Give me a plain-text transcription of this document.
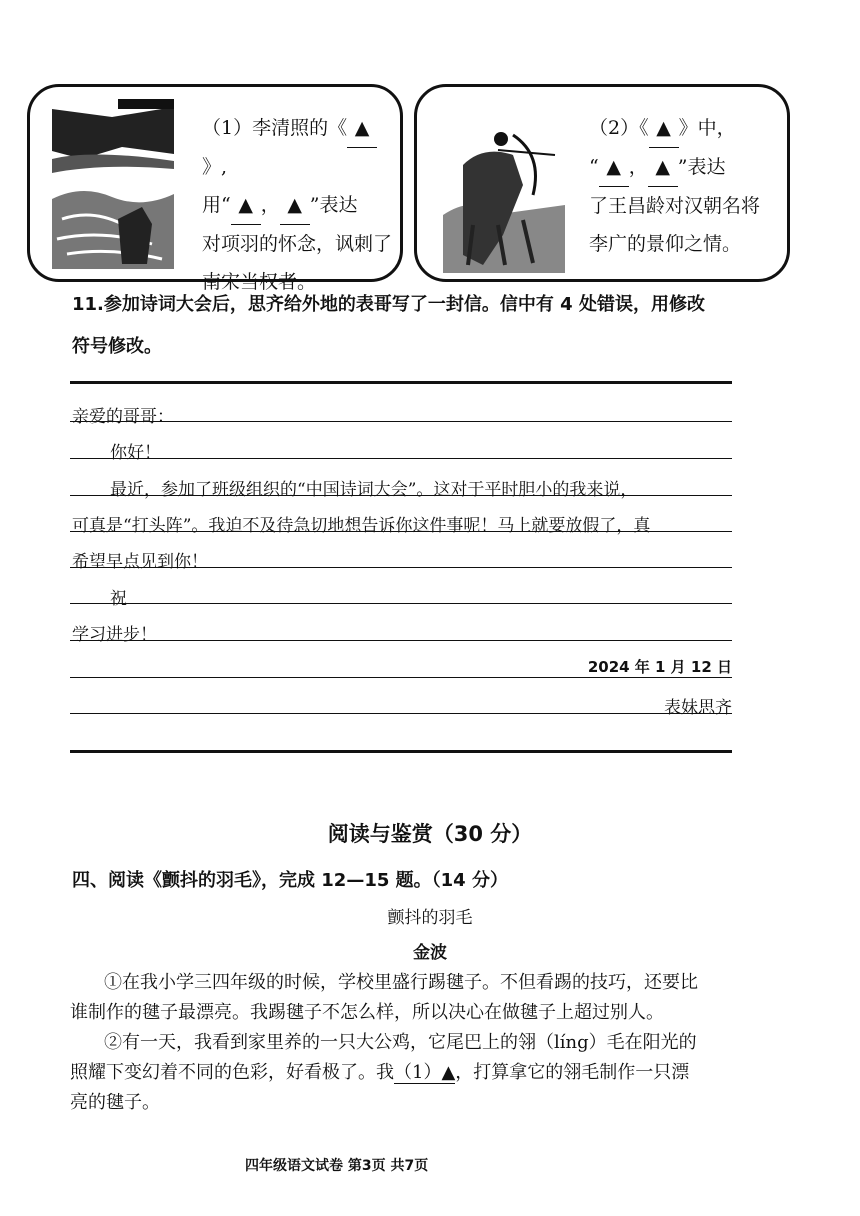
（1）李清照的《 ▲》,
用“ ▲ ， ▲ ”表达
对项羽的怀念，讽刺了
南宋当权者。
（2）《 ▲ 》中，
“ ▲ ， ▲ ”表达
了王昌龄对汉朝名将
李广的景仰之情。
11.参加诗词大会后，思齐给外地的表哥写了一封信。信中有 4 处错误，用修改
符号修改。
亲爱的哥哥：
你好！
最近，参加了班级组织的“中国诗词大会”。这对于平时胆小的我来说，
可真是“打头阵”。我迫不及待急切地想告诉你这件事呢！马上就要放假了，真
希望早点见到你！
祝
学习进步！
2024 年 1 月 12 日
表妹思齐
阅读与鉴赏（30 分）
四、阅读《颤抖的羽毛》，完成 12—15 题。（14 分）
颤抖的羽毛
金波
①在我小学三四年级的时候，学校里盛行踢毽子。不但看踢的技巧，还要比
谁制作的毽子最漂亮。我踢毽子不怎么样，所以决心在做毽子上超过别人。
②有一天，我看到家里养的一只大公鸡，它尾巴上的翎（líng）毛在阳光的
照耀下变幻着不同的色彩，好看极了。我（1）▲，打算拿它的翎毛制作一只漂
亮的毽子。
四年级语文试卷 第3页 共7页
